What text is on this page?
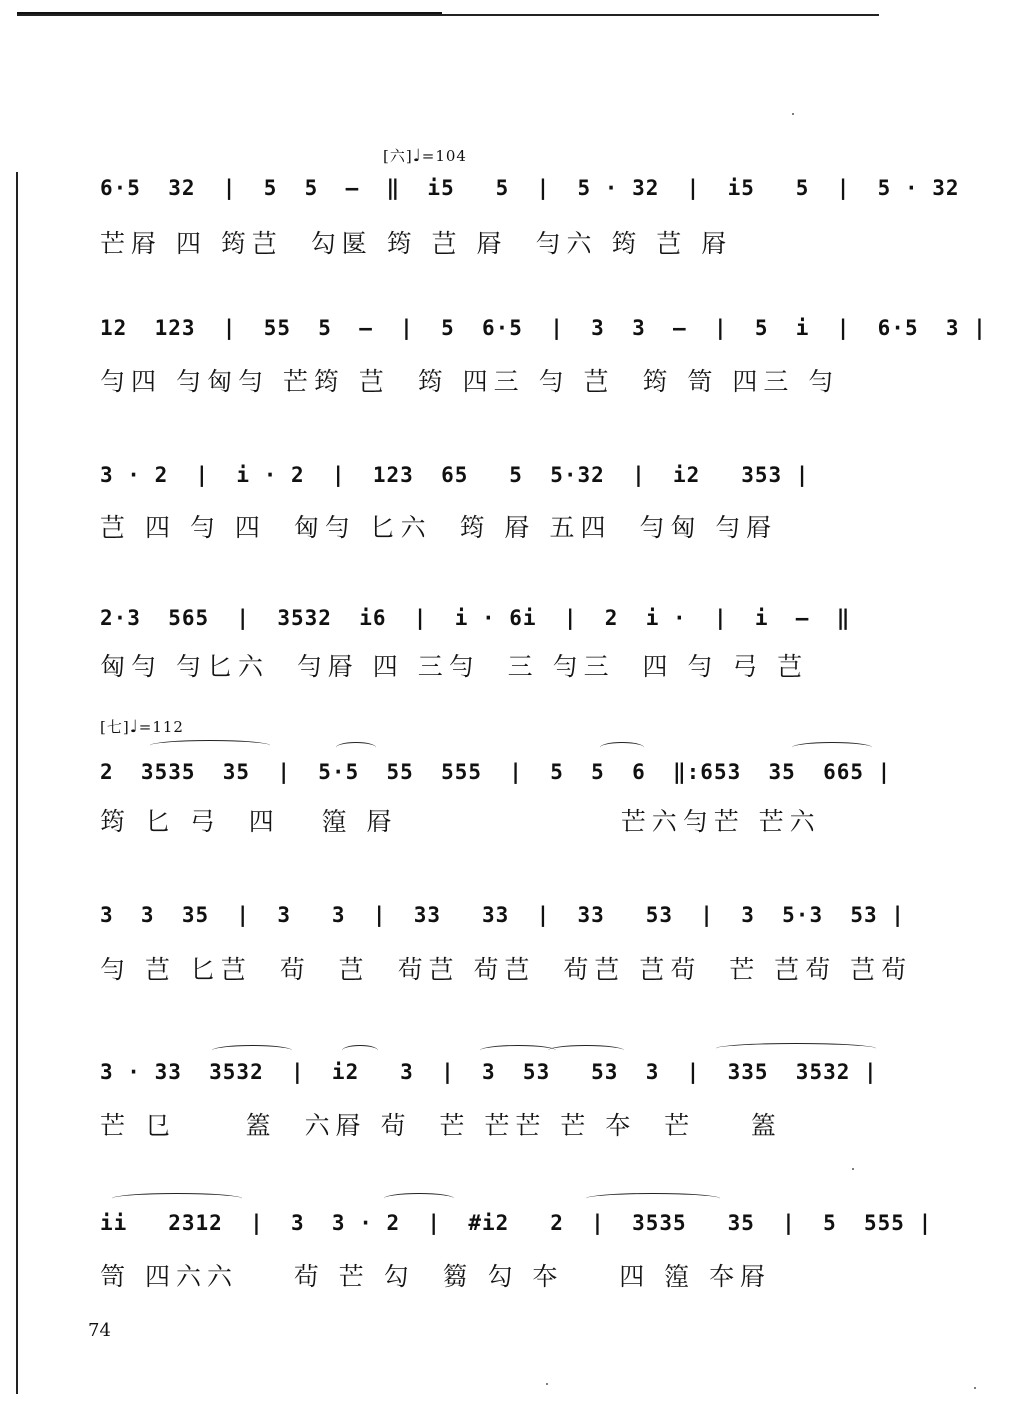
[六]♩=104
6·5  32  |  5  5  —  ‖  i5   5  |  5 · 32  |  i5   5  |  5 · 32
芒㞕 四 筠芑  勾匽 筠 芑 㞕  勻六 筠 芑 㞕
12  123  |  55  5  —  |  5  6·5  |  3  3  —  |  5  i  |  6·5  3 |
勻四 勻匈勻 芒筠 芑  筠 四三 勻 芑  筠 笥 四三 勻
3 · 2  |  i · 2  |  123  65   5  5·32  |  i2   353 |
芑 四 勻 四  匈勻 匕六  筠 㞕 五四  勻匈 勻㞕
2·3  565  |  3532  i6  |  i · 6i  |  2  i ·  |  i  —  ‖
匈勻 勻匕六  勻㞕 四 三勻  三 勻三  四 勻 ⼸ 芑
[七]♩=112
2  3535  35  |  5·5  55  555  |  5  5  6  ‖:653  35  665 |
筠 匕 ⼸  四   篞 㞕                芒六勻芒 芒六
3  3  35  |  3   3  |  33   33  |  33   53  |  3  5·3  53 |
勻 芑 匕芑  茍  芑  茍芑 茍芑  茍芑 芑茍  芒 芑茍 芑茍
3 · 33  3532  |  i2   3  |  3  53   53  3  |  335  3532 |
芒 㔾     篕  六㞕 茍  芒 芒芒 芒 夲  芒    篕
ii   2312  |  3  3 · 2  |  #i2   2  |  3535   35  |  5  555 |
笥 四六六    茍 芒 勾  篘 勾 夲    四 篞 夲㞕
74
